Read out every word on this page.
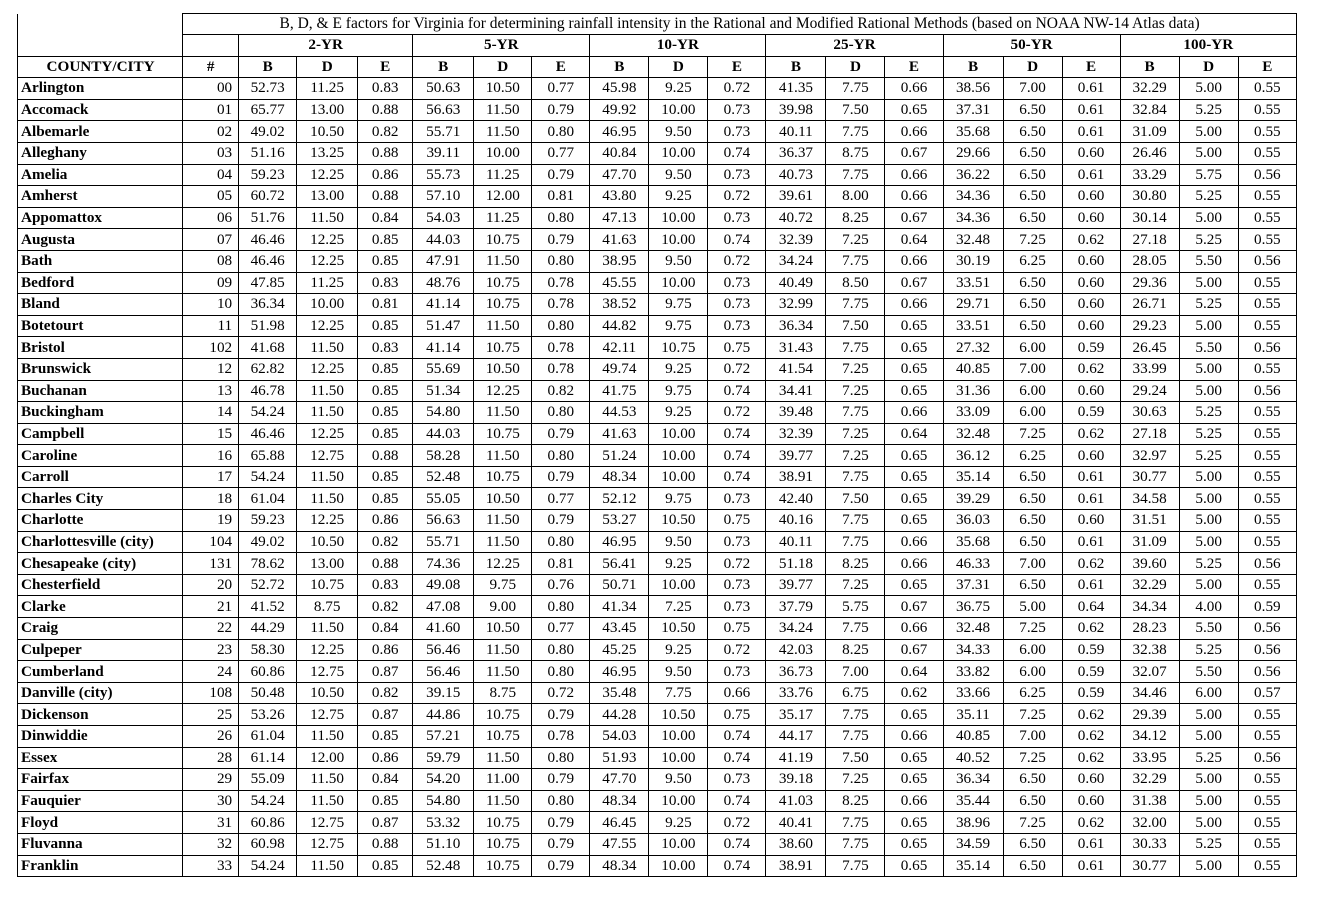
	B, D, & E factors for Virginia for determining rainfall intensity in the Rational and Modified Rational Methods (based on NOAA NW-14 Atlas data)																		
		2-YR			5-YR			10-YR			25-YR			50-YR			100-YR		
COUNTY/CITY	#	B	D	E	B	D	E	B	D	E	B	D	E	B	D	E	B	D	E
Arlington	00	52.73	11.25	0.83	50.63	10.50	0.77	45.98	9.25	0.72	41.35	7.75	0.66	38.56	7.00	0.61	32.29	5.00	0.55
Accomack	01	65.77	13.00	0.88	56.63	11.50	0.79	49.92	10.00	0.73	39.98	7.50	0.65	37.31	6.50	0.61	32.84	5.25	0.55
Albemarle	02	49.02	10.50	0.82	55.71	11.50	0.80	46.95	9.50	0.73	40.11	7.75	0.66	35.68	6.50	0.61	31.09	5.00	0.55
Alleghany	03	51.16	13.25	0.88	39.11	10.00	0.77	40.84	10.00	0.74	36.37	8.75	0.67	29.66	6.50	0.60	26.46	5.00	0.55
Amelia	04	59.23	12.25	0.86	55.73	11.25	0.79	47.70	9.50	0.73	40.73	7.75	0.66	36.22	6.50	0.61	33.29	5.75	0.56
Amherst	05	60.72	13.00	0.88	57.10	12.00	0.81	43.80	9.25	0.72	39.61	8.00	0.66	34.36	6.50	0.60	30.80	5.25	0.55
Appomattox	06	51.76	11.50	0.84	54.03	11.25	0.80	47.13	10.00	0.73	40.72	8.25	0.67	34.36	6.50	0.60	30.14	5.00	0.55
Augusta	07	46.46	12.25	0.85	44.03	10.75	0.79	41.63	10.00	0.74	32.39	7.25	0.64	32.48	7.25	0.62	27.18	5.25	0.55
Bath	08	46.46	12.25	0.85	47.91	11.50	0.80	38.95	9.50	0.72	34.24	7.75	0.66	30.19	6.25	0.60	28.05	5.50	0.56
Bedford	09	47.85	11.25	0.83	48.76	10.75	0.78	45.55	10.00	0.73	40.49	8.50	0.67	33.51	6.50	0.60	29.36	5.00	0.55
Bland	10	36.34	10.00	0.81	41.14	10.75	0.78	38.52	9.75	0.73	32.99	7.75	0.66	29.71	6.50	0.60	26.71	5.25	0.55
Botetourt	11	51.98	12.25	0.85	51.47	11.50	0.80	44.82	9.75	0.73	36.34	7.50	0.65	33.51	6.50	0.60	29.23	5.00	0.55
Bristol	102	41.68	11.50	0.83	41.14	10.75	0.78	42.11	10.75	0.75	31.43	7.75	0.65	27.32	6.00	0.59	26.45	5.50	0.56
Brunswick	12	62.82	12.25	0.85	55.69	10.50	0.78	49.74	9.25	0.72	41.54	7.25	0.65	40.85	7.00	0.62	33.99	5.00	0.55
Buchanan	13	46.78	11.50	0.85	51.34	12.25	0.82	41.75	9.75	0.74	34.41	7.25	0.65	31.36	6.00	0.60	29.24	5.00	0.56
Buckingham	14	54.24	11.50	0.85	54.80	11.50	0.80	44.53	9.25	0.72	39.48	7.75	0.66	33.09	6.00	0.59	30.63	5.25	0.55
Campbell	15	46.46	12.25	0.85	44.03	10.75	0.79	41.63	10.00	0.74	32.39	7.25	0.64	32.48	7.25	0.62	27.18	5.25	0.55
Caroline	16	65.88	12.75	0.88	58.28	11.50	0.80	51.24	10.00	0.74	39.77	7.25	0.65	36.12	6.25	0.60	32.97	5.25	0.55
Carroll	17	54.24	11.50	0.85	52.48	10.75	0.79	48.34	10.00	0.74	38.91	7.75	0.65	35.14	6.50	0.61	30.77	5.00	0.55
Charles City	18	61.04	11.50	0.85	55.05	10.50	0.77	52.12	9.75	0.73	42.40	7.50	0.65	39.29	6.50	0.61	34.58	5.00	0.55
Charlotte	19	59.23	12.25	0.86	56.63	11.50	0.79	53.27	10.50	0.75	40.16	7.75	0.65	36.03	6.50	0.60	31.51	5.00	0.55
Charlottesville (city)	104	49.02	10.50	0.82	55.71	11.50	0.80	46.95	9.50	0.73	40.11	7.75	0.66	35.68	6.50	0.61	31.09	5.00	0.55
Chesapeake (city)	131	78.62	13.00	0.88	74.36	12.25	0.81	56.41	9.25	0.72	51.18	8.25	0.66	46.33	7.00	0.62	39.60	5.25	0.56
Chesterfield	20	52.72	10.75	0.83	49.08	9.75	0.76	50.71	10.00	0.73	39.77	7.25	0.65	37.31	6.50	0.61	32.29	5.00	0.55
Clarke	21	41.52	8.75	0.82	47.08	9.00	0.80	41.34	7.25	0.73	37.79	5.75	0.67	36.75	5.00	0.64	34.34	4.00	0.59
Craig	22	44.29	11.50	0.84	41.60	10.50	0.77	43.45	10.50	0.75	34.24	7.75	0.66	32.48	7.25	0.62	28.23	5.50	0.56
Culpeper	23	58.30	12.25	0.86	56.46	11.50	0.80	45.25	9.25	0.72	42.03	8.25	0.67	34.33	6.00	0.59	32.38	5.25	0.56
Cumberland	24	60.86	12.75	0.87	56.46	11.50	0.80	46.95	9.50	0.73	36.73	7.00	0.64	33.82	6.00	0.59	32.07	5.50	0.56
Danville (city)	108	50.48	10.50	0.82	39.15	8.75	0.72	35.48	7.75	0.66	33.76	6.75	0.62	33.66	6.25	0.59	34.46	6.00	0.57
Dickenson	25	53.26	12.75	0.87	44.86	10.75	0.79	44.28	10.50	0.75	35.17	7.75	0.65	35.11	7.25	0.62	29.39	5.00	0.55
Dinwiddie	26	61.04	11.50	0.85	57.21	10.75	0.78	54.03	10.00	0.74	44.17	7.75	0.66	40.85	7.00	0.62	34.12	5.00	0.55
Essex	28	61.14	12.00	0.86	59.79	11.50	0.80	51.93	10.00	0.74	41.19	7.50	0.65	40.52	7.25	0.62	33.95	5.25	0.56
Fairfax	29	55.09	11.50	0.84	54.20	11.00	0.79	47.70	9.50	0.73	39.18	7.25	0.65	36.34	6.50	0.60	32.29	5.00	0.55
Fauquier	30	54.24	11.50	0.85	54.80	11.50	0.80	48.34	10.00	0.74	41.03	8.25	0.66	35.44	6.50	0.60	31.38	5.00	0.55
Floyd	31	60.86	12.75	0.87	53.32	10.75	0.79	46.45	9.25	0.72	40.41	7.75	0.65	38.96	7.25	0.62	32.00	5.00	0.55
Fluvanna	32	60.98	12.75	0.88	51.10	10.75	0.79	47.55	10.00	0.74	38.60	7.75	0.65	34.59	6.50	0.61	30.33	5.25	0.55
Franklin	33	54.24	11.50	0.85	52.48	10.75	0.79	48.34	10.00	0.74	38.91	7.75	0.65	35.14	6.50	0.61	30.77	5.00	0.55
